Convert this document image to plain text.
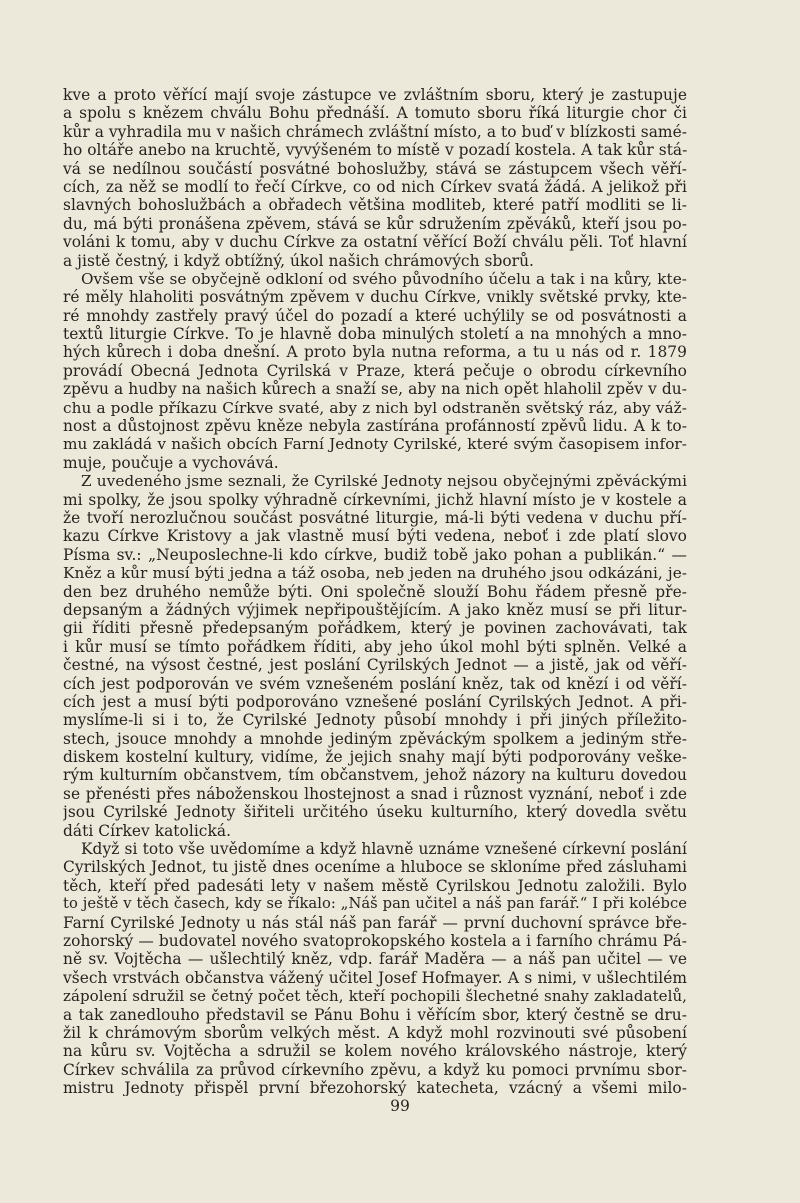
kve a proto věřící mají svoje zástupce ve zvláštním sboru, který je zastupuje
a spolu s knězem chválu Bohu přednáší. A tomuto sboru říká liturgie chor či
kůr a vyhradila mu v našich chrámech zvláštní místo, a to buď v blízkosti samé-
ho oltáře anebo na kruchtě, vyvýšeném to místě v pozadí kostela. A tak kůr stá-
vá se nedílnou součástí posvátné bohoslužby, stává se zástupcem všech věří-
cích, za něž se modlí to řečí Církve, co od nich Církev svatá žádá. A jelikož při
slavných bohoslužbách a obřadech většina modliteb, které patří modliti se li-
du, má býti pronášena zpěvem, stává se kůr sdružením zpěváků, kteří jsou po-
voláni k tomu, aby v duchu Církve za ostatní věřící Boží chválu pěli. Toť hlavní
a jistě čestný, i když obtížný, úkol našich chrámových sborů.
Ovšem vše se obyčejně odkloní od svého původního účelu a tak i na kůry, kte-
ré měly hlaholiti posvátným zpěvem v duchu Církve, vnikly světské prvky, kte-
ré mnohdy zastřely pravý účel do pozadí a které uchýlily se od posvátnosti a
textů liturgie Církve. To je hlavně doba minulých století a na mnohých a mno-
hých kůrech i doba dnešní. A proto byla nutna reforma, a tu u nás od r. 1879
provádí Obecná Jednota Cyrilská v Praze, která pečuje o obrodu církevního
zpěvu a hudby na našich kůrech a snaží se, aby na nich opět hlaholil zpěv v du-
chu a podle příkazu Církve svaté, aby z nich byl odstraněn světský ráz, aby váž-
nost a důstojnost zpěvu kněze nebyla zastírána profánností zpěvů lidu. A k to-
mu zakládá v našich obcích Farní Jednoty Cyrilské, které svým časopisem infor-
muje, poučuje a vychovává.
Z uvedeného jsme seznali, že Cyrilské Jednoty nejsou obyčejnými zpěváckými
mi spolky, že jsou spolky výhradně církevními, jichž hlavní místo je v kostele a
že tvoří nerozlučnou součást posvátné liturgie, má-li býti vedena v duchu pří-
kazu Církve Kristovy a jak vlastně musí býti vedena, neboť i zde platí slovo
Písma sv.: „Neuposlechne-li kdo církve, budiž tobě jako pohan a publikán.“ —
Kněz a kůr musí býti jedna a táž osoba, neb jeden na druhého jsou odkázáni, je-
den bez druhého nemůže býti. Oni společně slouží Bohu řádem přesně pře-
depsaným a žádných výjimek nepřipouštějícím. A jako kněz musí se při litur-
gii říditi přesně předepsaným pořádkem, který je povinen zachovávati, tak
i kůr musí se tímto pořádkem říditi, aby jeho úkol mohl býti splněn. Velké a
čestné, na výsost čestné, jest poslání Cyrilských Jednot — a jistě, jak od věří-
cích jest podporován ve svém vznešeném poslání kněz, tak od knězí i od věří-
cích jest a musí býti podporováno vznešené poslání Cyrilských Jednot. A při-
myslíme-li si i to, že Cyrilské Jednoty působí mnohdy i při jiných příležito-
stech, jsouce mnohdy a mnohde jediným zpěváckým spolkem a jediným stře-
diskem kostelní kultury, vidíme, že jejich snahy mají býti podporovány veške-
rým kulturním občanstvem, tím občanstvem, jehož názory na kulturu dovedou
se přenésti přes náboženskou lhostejnost a snad i různost vyznání, neboť i zde
jsou Cyrilské Jednoty šiřiteli určitého úseku kulturního, který dovedla světu
dáti Církev katolická.
Když si toto vše uvědomíme a když hlavně uznáme vznešené církevní poslání
Cyrilských Jednot, tu jistě dnes oceníme a hluboce se skloníme před zásluhami
těch, kteří před padesáti lety v našem městě Cyrilskou Jednotu založili. Bylo
to ještě v těch časech, kdy se říkalo: „Náš pan učitel a náš pan farář.“ I při kolébce
Farní Cyrilské Jednoty u nás stál náš pan farář — první duchovní správce bře-
zohorský — budovatel nového svatoprokopského kostela a i farního chrámu Pá-
ně sv. Vojtěcha — ušlechtilý kněz, vdp. farář Maděra — a náš pan učitel — ve
všech vrstvách občanstva vážený učitel Josef Hofmayer. A s nimi, v ušlechtilém
zápolení sdružil se četný počet těch, kteří pochopili šlechetné snahy zakladatelů,
a tak zanedlouho představil se Pánu Bohu i věřícím sbor, který čestně se dru-
žil k chrámovým sborům velkých měst. A když mohl rozvinouti své působení
na kůru sv. Vojtěcha a sdružil se kolem nového královského nástroje, který
Církev schválila za průvod církevního zpěvu, a když ku pomoci prvnímu sbor-
mistru Jednoty přispěl první březohorský katecheta, vzácný a všemi milo-
99
